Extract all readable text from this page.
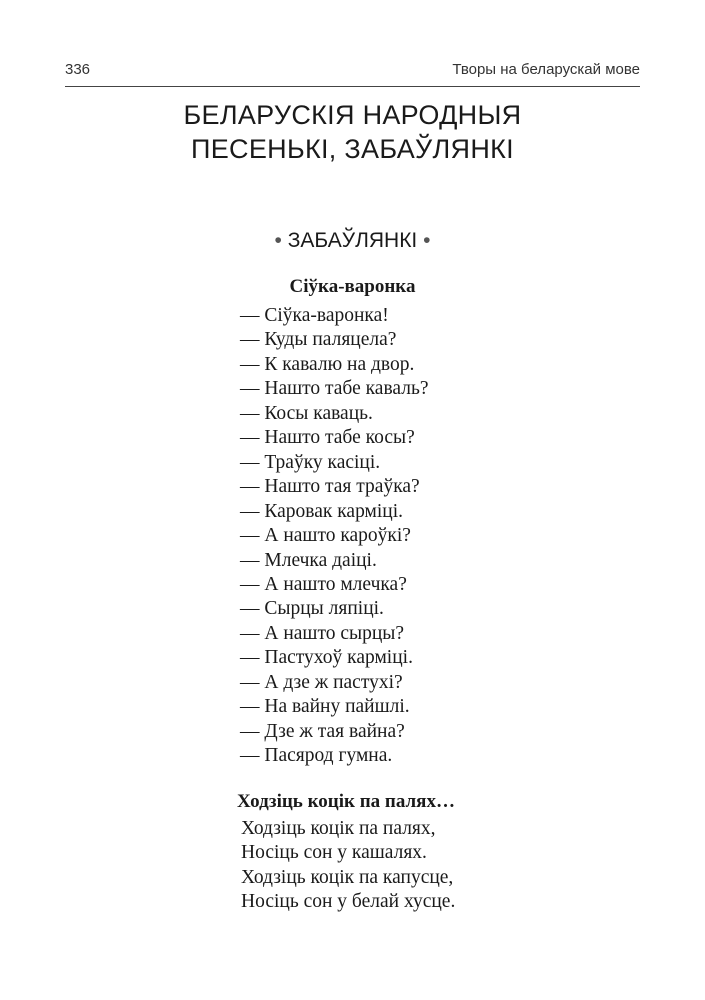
336	Творы на беларускай мове
БЕЛАРУСКІЯ НАРОДНЫЯ
ПЕСЕНЬКІ, ЗАБАЎЛЯНКІ
• ЗАБАЎЛЯНКІ •
Сіўка-варонка
— Сіўка-варонка!
— Куды паляцела?
— К кавалю на двор.
— Нашто табе каваль?
— Косы каваць.
— Нашто табе косы?
— Траўку касіці.
— Нашто тая траўка?
— Каровак карміці.
— А нашто кароўкі?
— Млечка даіці.
— А нашто млечка?
— Сырцы ляпіці.
— А нашто сырцы?
— Пастухоў карміці.
— А дзе ж пастухі?
— На вайну пайшлі.
— Дзе ж тая вайна?
— Пасярод гумна.
Ходзіць коцік па палях…
Ходзіць коцік па палях,
Носіць сон у кашалях.
Ходзіць коцік па капусце,
Носіць сон у белай хусце.
